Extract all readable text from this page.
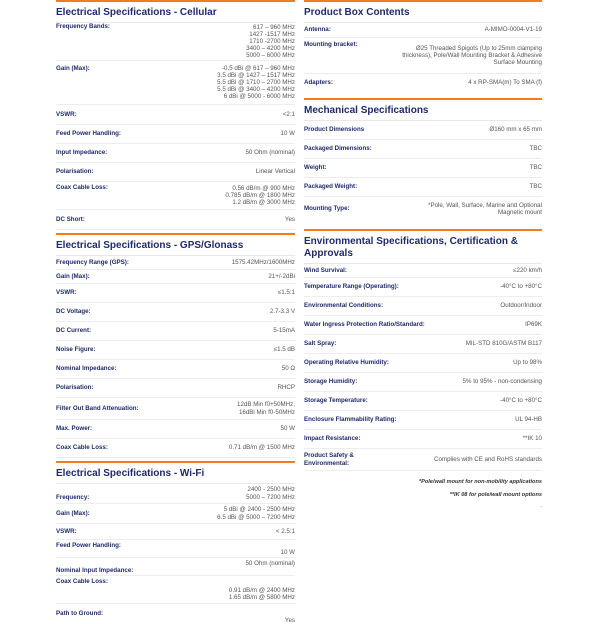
Electrical Specifications - Cellular
Frequency Bands:	617 – 960 MHz
1427 -1517 MHz
1710 -2700 MHz
3400 – 4200 MHz
5000 – 6000 MHz
Gain (Max):	-0.5 dBi @ 617 – 960 MHz
3.5 dBi @ 1427 – 1517 MHz
5.5 dBi @ 1710 – 2700 MHz
5.5 dBi @ 3400 – 4200 MHz
6 dBi @ 5000 - 6000 MHz
VSWR:	<2:1
Feed Power Handling:	10 W
Input Impedance:	50 Ohm (nominal)
Polarisation:	Linear Vertical
Coax Cable Loss:	0.56 dB/m @ 900 MHz
0.785 dB/m @ 1800 MHz
1.2 dB/m @ 3000 MHz
DC Short:	Yes
Electrical Specifications - GPS/Glonass
Frequency Range (GPS):	1575.42MHz/1600MHz
Gain (Max):	21+/-2dBi
VSWR:	≤1.5:1
DC Voltage:	2.7-3.3 V
DC Current:	5-15mA
Noise Figure:	≤1.5 dB
Nominal Impedance:	50 Ω
Polarisation:	RHCP
Filter Out Band Attenuation:	12dB Min f0+50MHz,
16dBi Min f0-50MHz
Max. Power:	50 W
Coax Cable Loss:	0.71 dB/m @ 1500 MHz
Electrical Specifications - Wi-Fi
Frequency:
2400 - 2500 MHz
5000 – 7200 MHz
Gain (Max):	5 dBi @ 2400 - 2500 MHz
6.5 dBi @ 5000 – 7200 MHz
VSWR:	< 2.5:1
Feed Power Handling:
10 W
Nominal Input Impedance:
50 Ohm (nominal)
Coax Cable Loss:
0.91 dB/m @ 2400 MHz
1.65 dB/m @ 5800 MHz
Path to Ground:
Yes
Product Box Contents
Antenna:	A-MIMO-0004-V1-19
Mounting bracket:
Ø25 Threaded Spigots (Up to 25mm clamping thickness), Pole/Wall Mounting Bracket & Adhesive Surface Mounting
Adapters:	4 x RP-SMA(m) To SMA (f)
Mechanical Specifications
Product Dimensions	Ø160 mm x 65 mm
Packaged Dimensions:	TBC
Weight:	TBC
Packaged Weight:	TBC
Mounting Type:	*Pole, Wall, Surface, Marine and Optional Magnetic mount
Environmental Specifications, Certification & Approvals
Wind Survival:	≤220 km/h
Temperature Range (Operating):	-40°C to +80°C
Environmental Conditions:	Outdoor/Indoor
Water Ingress Protection Ratio/Standard:	IP69K
Salt Spray:	MIL-STD 810G/ASTM B117
Operating Relative Humidity:	Up to 98%
Storage Humidity:	5% to 95% - non-condensing
Storage Temperature:	-40°C to +80°C
Enclosure Flammability Rating:	UL 94-HB
Impact Resistance:	**IK 10
Product Safety & Environmental:
Complies with CE and RoHS standards
*Pole/wall mount for non-mobility applications
**IK 08 for pole/wall mount options
.
